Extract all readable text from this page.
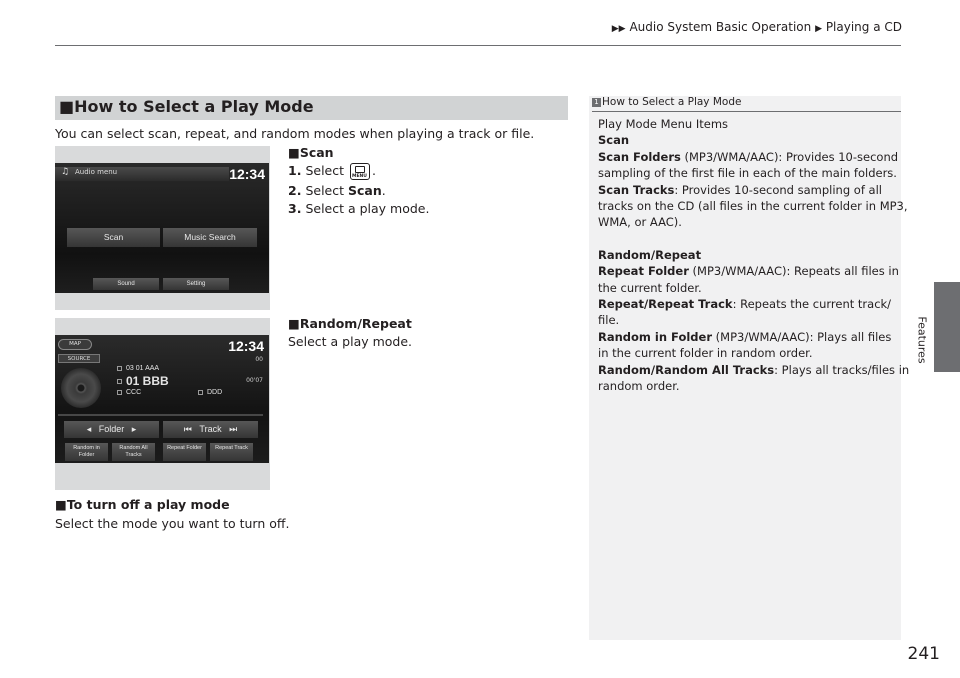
▶▶ Audio System Basic Operation ▶ Playing a CD
Features
■How to Select a Play Mode
You can select scan, repeat, and random modes when playing a track or file.
♫ Audio menu	12:34
Scan	Music Search
Sound	Setting
■Scan
1. Select MENU .
2. Select Scan.
3. Select a play mode.
MAP
SOURCE
12:34
00
03 01 AAA
01 BBB
CCC	DDD
00'07
◂ Folder ▸	⏮ Track ⏭
Random in Folder
Random All Tracks
Repeat Folder	Repeat Track
■Random/Repeat
Select a play mode.
■To turn off a play mode
Select the mode you want to turn off.
1 How to Select a Play Mode
Play Mode Menu Items
Scan
Scan Folders (MP3/WMA/AAC): Provides 10-second
sampling of the first file in each of the main folders.
Scan Tracks: Provides 10-second sampling of all
tracks on the CD (all files in the current folder in MP3,
WMA, or AAC).
Random/Repeat
Repeat Folder (MP3/WMA/AAC): Repeats all files in
the current folder.
Repeat/Repeat Track: Repeats the current track/
file.
Random in Folder (MP3/WMA/AAC): Plays all files
in the current folder in random order.
Random/Random All Tracks: Plays all tracks/files in
random order.
241
